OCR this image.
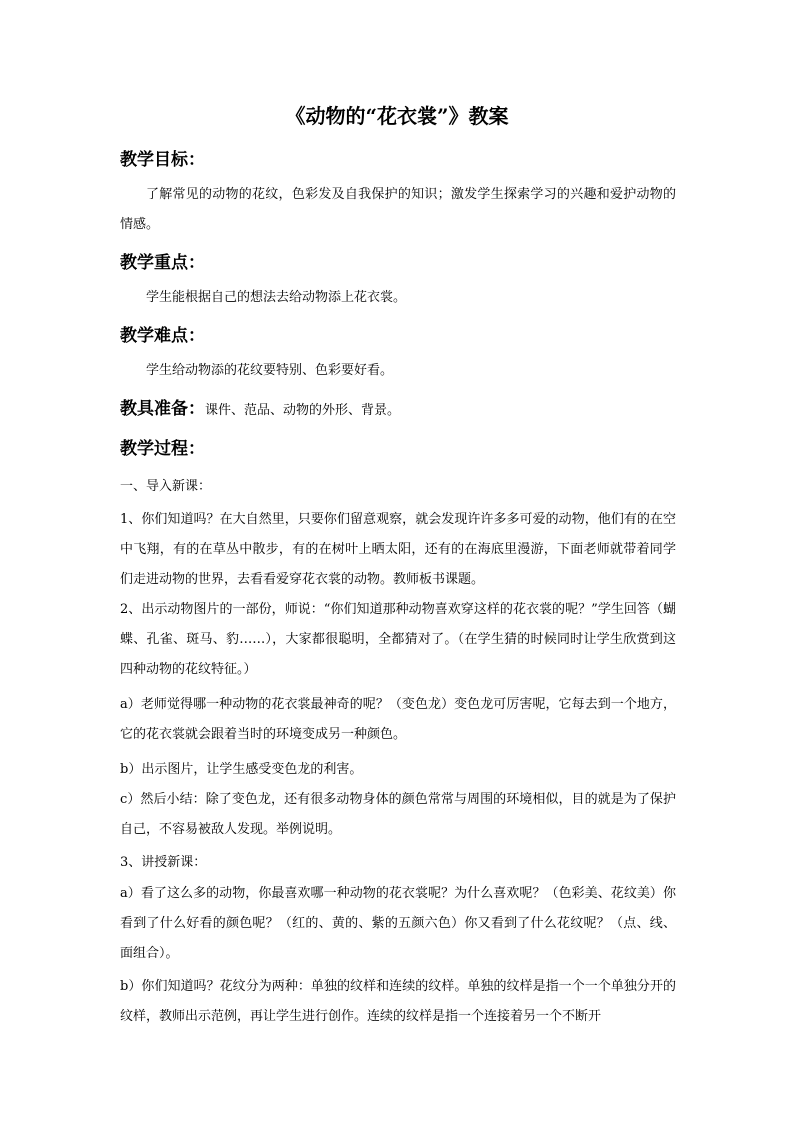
《动物的“花衣裳”》教案
教学目标：

了解常见的动物的花纹，色彩发及自我保护的知识；激发学生探索学习的兴趣和爱护动物的情感。

教学重点：

学生能根据自己的想法去给动物添上花衣裳。

教学难点：

学生给动物添的花纹要特别、色彩要好看。

教具准备：课件、范品、动物的外形、背景。
教学过程：

一、导入新课：

1、你们知道吗？在大自然里，只要你们留意观察，就会发现许许多多可爱的动物，他们有的在空中飞翔，有的在草丛中散步，有的在树叶上晒太阳，还有的在海底里漫游，下面老师就带着同学们走进动物的世界，去看看爱穿花衣裳的动物。教师板书课题。

2、出示动物图片的一部份，师说：“你们知道那种动物喜欢穿这样的花衣裳的呢？”学生回答（蝴蝶、孔雀、斑马、豹……），大家都很聪明，全都猜对了。（在学生猜的时候同时让学生欣赏到这四种动物的花纹特征。）

a）老师觉得哪一种动物的花衣裳最神奇的呢？（变色龙）变色龙可厉害呢，它每去到一个地方，它的花衣裳就会跟着当时的环境变成另一种颜色。

b）出示图片，让学生感受变色龙的利害。

c）然后小结：除了变色龙，还有很多动物身体的颜色常常与周围的环境相似，目的就是为了保护自己，不容易被敌人发现。举例说明。

3、讲授新课：

a）看了这么多的动物，你最喜欢哪一种动物的花衣裳呢？为什么喜欢呢？（色彩美、花纹美）你看到了什么好看的颜色呢？（红的、黄的、紫的五颜六色）你又看到了什么花纹呢？（点、线、面组合）。

b）你们知道吗？花纹分为两种：单独的纹样和连续的纹样。单独的纹样是指一个一个单独分开的纹样，教师出示范例，再让学生进行创作。连续的纹样是指一个连接着另一个不断开
